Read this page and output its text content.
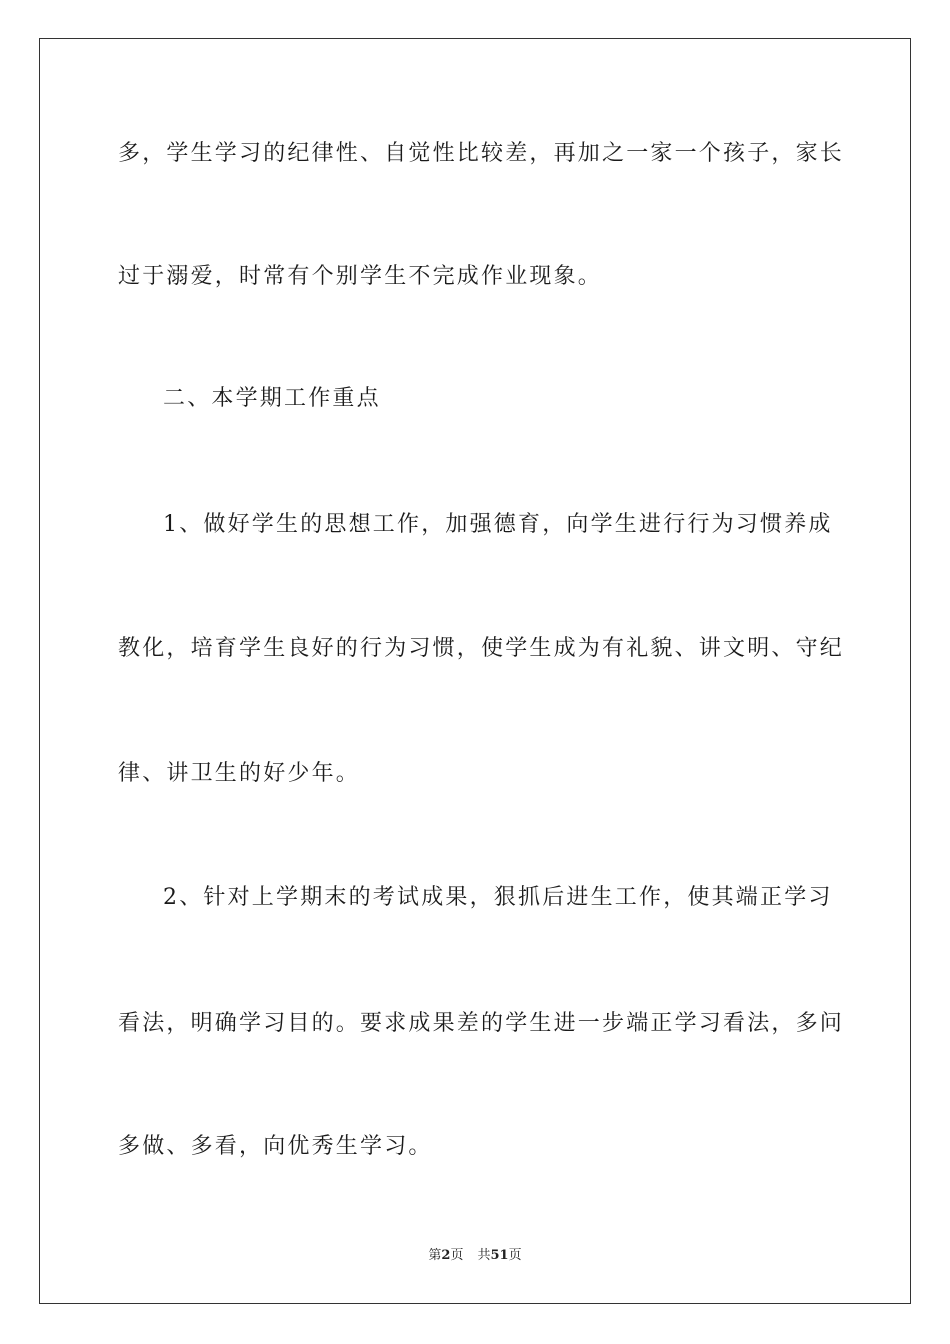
多，学生学习的纪律性、自觉性比较差，再加之一家一个孩子，家长
过于溺爱，时常有个别学生不完成作业现象。
二、本学期工作重点
1、做好学生的思想工作，加强德育，向学生进行行为习惯养成
教化，培育学生良好的行为习惯，使学生成为有礼貌、讲文明、守纪
律、讲卫生的好少年。
2、针对上学期末的考试成果，狠抓后进生工作，使其端正学习
看法，明确学习目的。要求成果差的学生进一步端正学习看法，多问
多做、多看，向优秀生学习。
第2页 共51页
